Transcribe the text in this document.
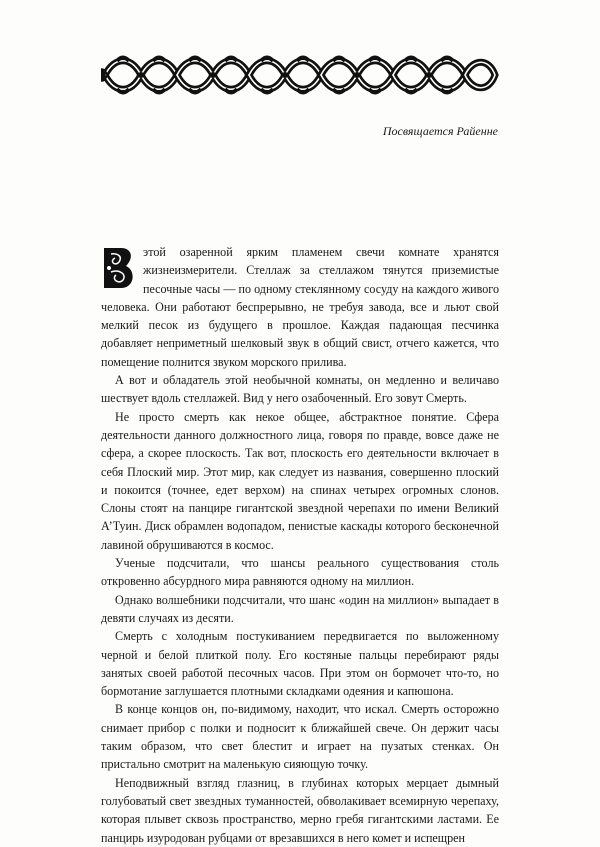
Посвящается Райенне

этой озаренной ярким пламенем свечи комнате хранятся жизнеизмерители. Стеллаж за стеллажом тянутся приземистые песочные часы — по одному стеклянному сосуду на каждого живого человека. Они работают беспрерывно, не требуя завода, все и льют свой мелкий песок из будущего в прошлое. Каждая падающая песчинка добавляет неприметный шелковый звук в общий свист, отчего кажется, что помещение полнится звуком морского прилива.

А вот и обладатель этой необычной комнаты, он медленно и величаво шествует вдоль стеллажей. Вид у него озабоченный. Его зовут Смерть.

Не просто смерть как некое общее, абстрактное понятие. Сфера деятельности данного должностного лица, говоря по правде, вовсе даже не сфера, а скорее плоскость. Так вот, плоскость его деятельности включает в себя Плоский мир. Этот мир, как следует из названия, совершенно плоский и покоится (точнее, едет верхом) на спинах четырех огромных слонов. Слоны стоят на панцире гигантской звездной черепахи по имени Великий А’Туин. Диск обрамлен водопадом, пенистые каскады которого бесконечной лавиной обрушиваются в космос.

Ученые подсчитали, что шансы реального существования столь откровенно абсурдного мира равняются одному на миллион.

Однако волшебники подсчитали, что шанс «один на миллион» выпадает в девяти случаях из десяти.

Смерть с холодным постукиванием передвигается по выложенному черной и белой плиткой полу. Его костяные пальцы перебирают ряды занятых своей работой песочных часов. При этом он бормочет что-то, но бормотание заглушается плотными складками одеяния и капюшона.

В конце концов он, по-видимому, находит, что искал. Смерть осторожно снимает прибор с полки и подносит к ближайшей свече. Он держит часы таким образом, что свет блестит и играет на пузатых стенках. Он пристально смотрит на маленькую сияющую точку.

Неподвижный взгляд глазниц, в глубинах которых мерцает дымный голубоватый свет звездных туманностей, обволакивает всемирную черепаху, которая плывет сквозь пространство, мерно гребя гигантскими ластами. Ее панцирь изуродован рубцами от врезавшихся в него комет и испещрен
